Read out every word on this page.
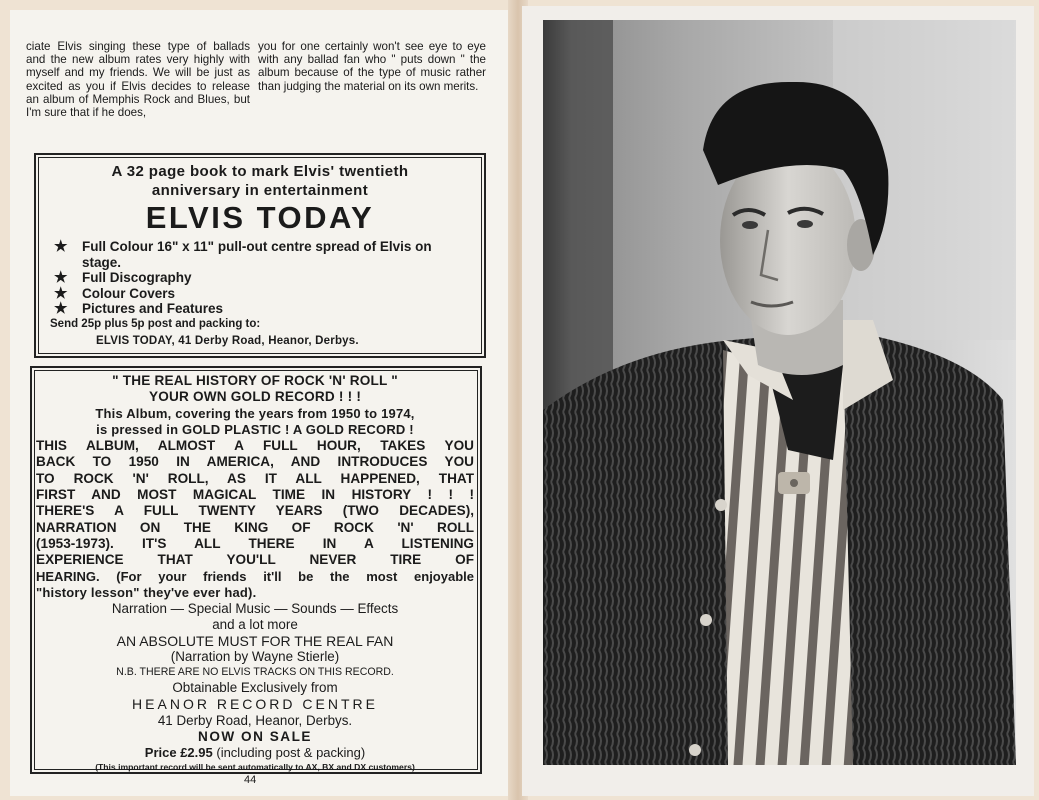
ciate Elvis singing these type of ballads and the new album rates very highly with myself and my friends. We will be just as excited as you if Elvis decides to release an album of Memphis Rock and Blues, but I'm sure that if he does,
you for one certainly won't see eye to eye with any ballad fan who " puts down " the album because of the type of music rather than judging the material on its own merits.
A 32 page book to mark Elvis' twentieth
anniversary in entertainment
ELVIS TODAY
★ Full Colour 16" x 11" pull-out centre spread of Elvis on stage.
★ Full Discography
★ Colour Covers
★ Pictures and Features
Send 25p plus 5p post and packing to:
ELVIS TODAY, 41 Derby Road, Heanor, Derbys.
" THE REAL HISTORY OF ROCK 'N' ROLL "
YOUR OWN GOLD RECORD ! ! !
This Album, covering the years from 1950 to 1974,
is pressed in GOLD PLASTIC ! A GOLD RECORD !
THIS ALBUM, ALMOST A FULL HOUR, TAKES YOU
BACK TO 1950 IN AMERICA, AND INTRODUCES YOU
TO ROCK 'N' ROLL, AS IT ALL HAPPENED, THAT
FIRST AND MOST MAGICAL TIME IN HISTORY ! ! !
THERE'S A FULL TWENTY YEARS (TWO DECADES),
NARRATION ON THE KING OF ROCK 'N' ROLL
(1953-1973). IT'S ALL THERE IN A LISTENING
EXPERIENCE THAT YOU'LL NEVER TIRE OF
HEARING. (For your friends it'll be the most enjoyable
"history lesson" they've ever had).
Narration — Special Music — Sounds — Effects
and a lot more
AN ABSOLUTE MUST FOR THE REAL FAN
(Narration by Wayne Stierle)
N.B. THERE ARE NO ELVIS TRACKS ON THIS RECORD.
Obtainable Exclusively from
HEANOR RECORD CENTRE
41 Derby Road, Heanor, Derbys.
NOW ON SALE
Price £2.95 (including post & packing)
(This important record will be sent automatically to AX, BX and DX customers)
44
